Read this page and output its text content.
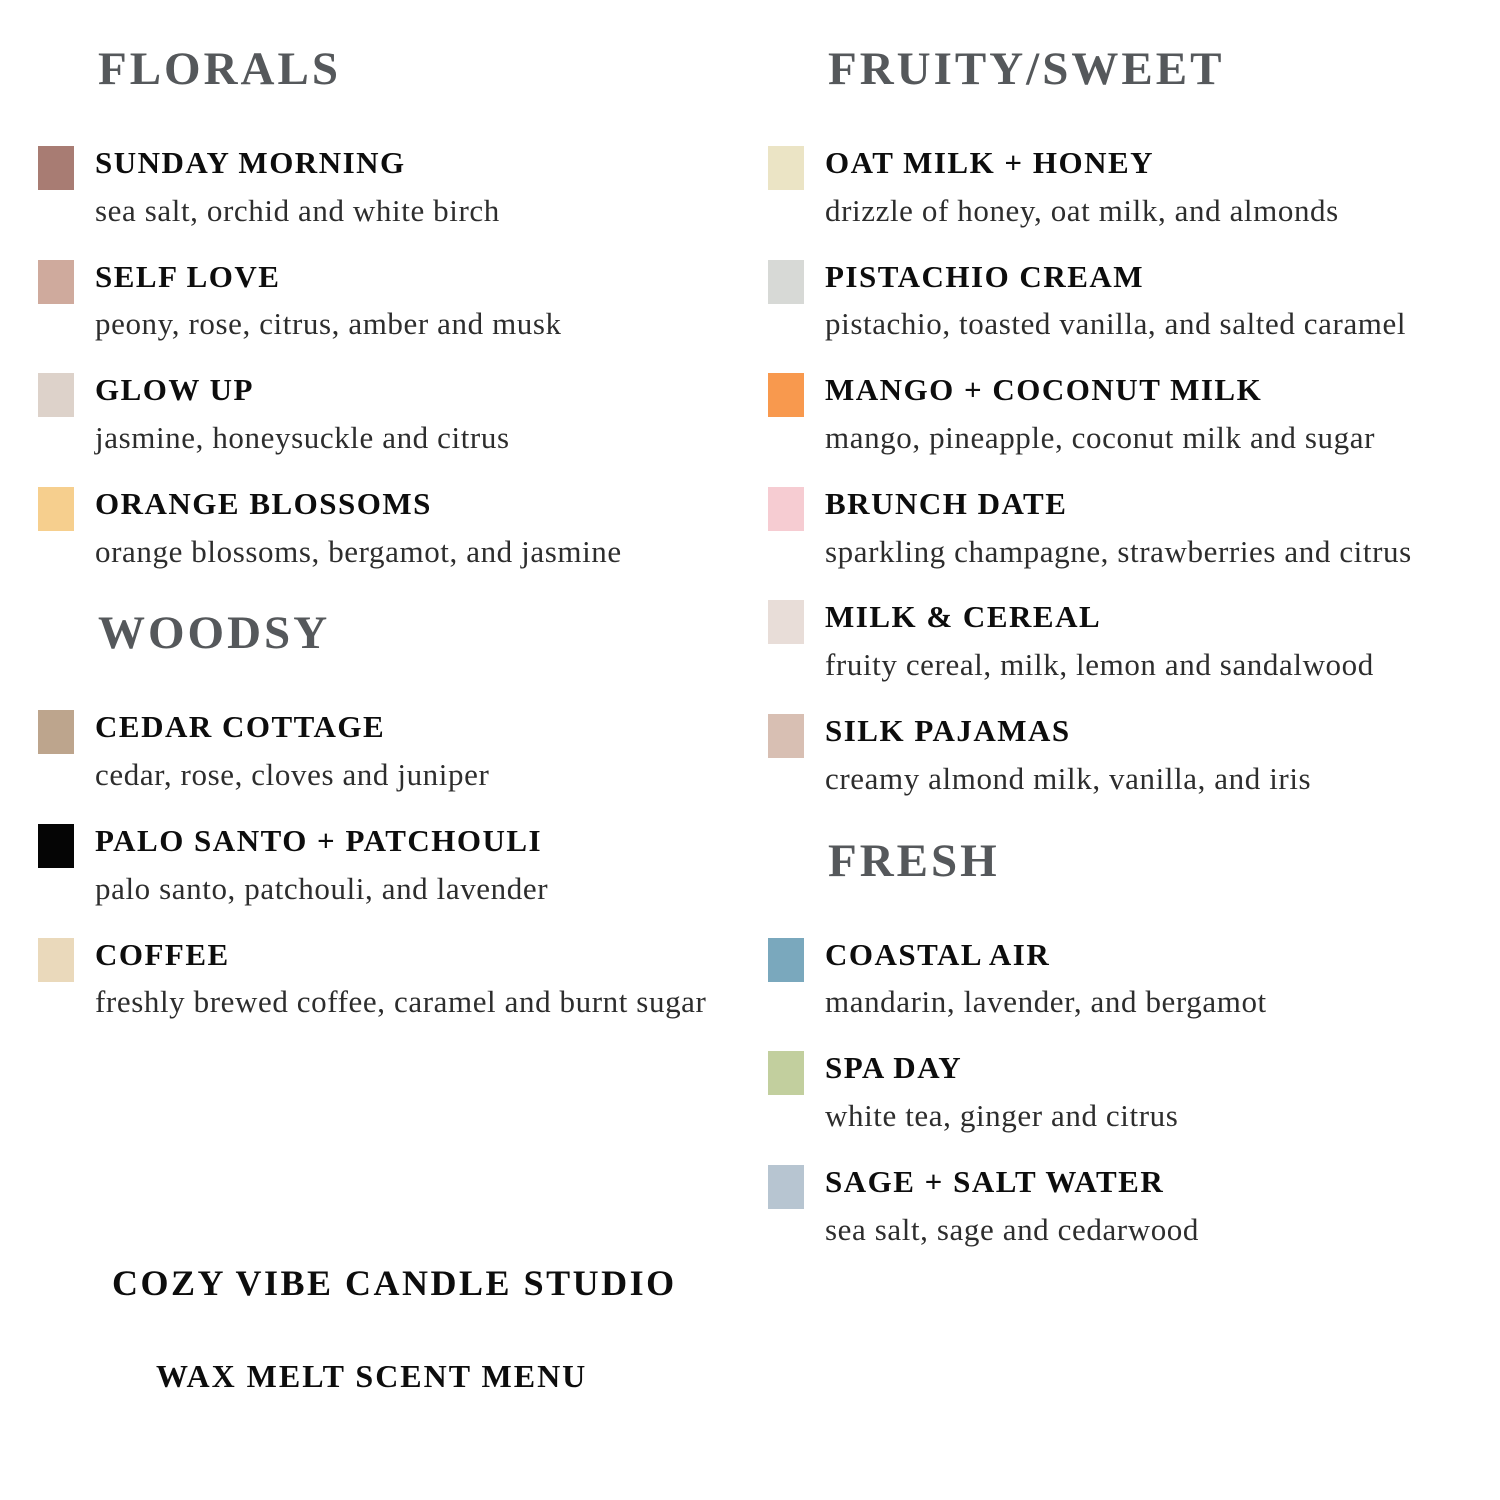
FLORALS
SUNDAY MORNING
sea salt, orchid and white birch
SELF LOVE
peony, rose, citrus, amber and musk
GLOW UP
jasmine, honeysuckle and citrus
ORANGE BLOSSOMS
orange blossoms, bergamot, and jasmine
WOODSY
CEDAR COTTAGE
cedar, rose, cloves and juniper
PALO SANTO + PATCHOULI
palo santo, patchouli, and lavender
COFFEE
freshly brewed coffee, caramel and burnt sugar
FRUITY/SWEET
OAT MILK + HONEY
drizzle of honey, oat milk, and almonds
PISTACHIO CREAM
pistachio, toasted vanilla, and salted caramel
MANGO + COCONUT MILK
mango, pineapple, coconut milk and sugar
BRUNCH DATE
sparkling champagne, strawberries and citrus
MILK & CEREAL
fruity cereal, milk, lemon and sandalwood
SILK PAJAMAS
creamy almond milk, vanilla, and iris
FRESH
COASTAL AIR
mandarin, lavender, and bergamot
SPA DAY
white tea, ginger and citrus
SAGE + SALT WATER
sea salt, sage and cedarwood
COZY VIBE CANDLE STUDIO
WAX MELT SCENT MENU
